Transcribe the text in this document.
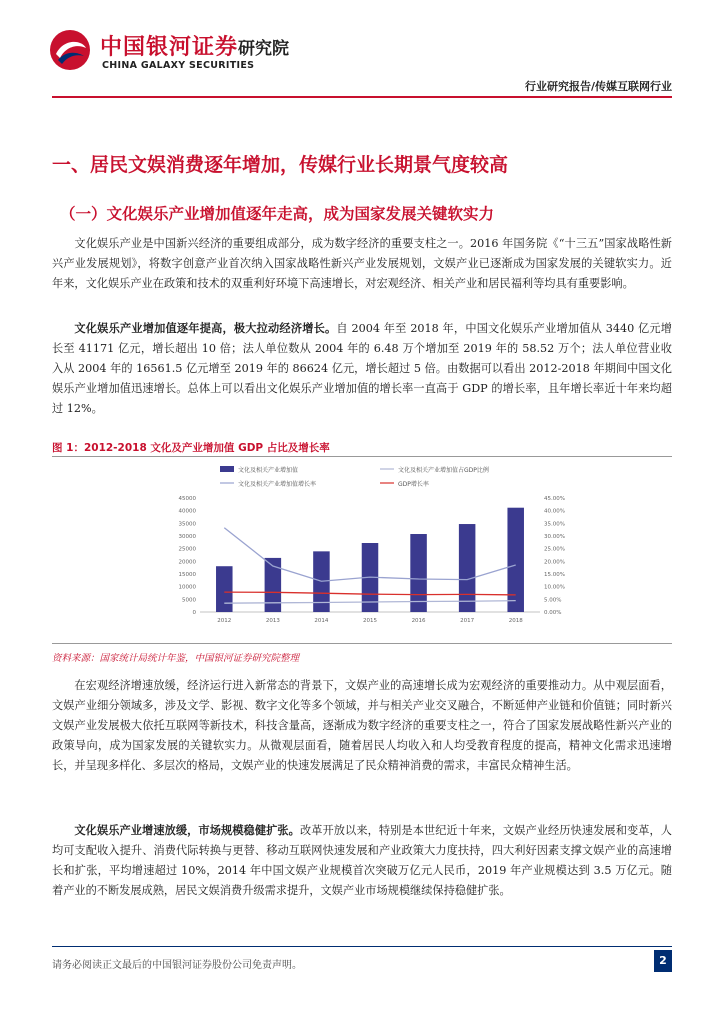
中国银河证券 研究院
CHINA GALAXY SECURITIES
行业研究报告/传媒互联网行业
一、居民文娱消费逐年增加，传媒行业长期景气度较高
（一）文化娱乐产业增加值逐年走高，成为国家发展关键软实力
文化娱乐产业是中国新兴经济的重要组成部分，成为数字经济的重要支柱之一。2016 年国务院《“十三五”国家战略性新兴产业发展规划》，将数字创意产业首次纳入国家战略性新兴产业发展规划，文娱产业已逐渐成为国家发展的关键软实力。近年来，文化娱乐产业在政策和技术的双重利好环境下高速增长，对宏观经济、相关产业和居民福利等均具有重要影响。
文化娱乐产业增加值逐年提高，极大拉动经济增长。自 2004 年至 2018 年，中国文化娱乐产业增加值从 3440 亿元增长至 41171 亿元，增长超出 10 倍；法人单位数从 2004 年的 6.48 万个增加至 2019 年的 58.52 万个；法人单位营业收入从 2004 年的 16561.5 亿元增至 2019 年的 86624 亿元，增长超过 5 倍。由数据可以看出 2012-2018 年期间中国文化娱乐产业增加值迅速增长。总体上可以看出文化娱乐产业增加值的增长率一直高于 GDP 的增长率，且年增长率近十年来均超过 12%。
图 1：2012-2018 文化及产业增加值 GDP 占比及增长率
文化及相关产业增加值	文化及相关产业增加值占GDP比例
文化及相关产业增加值增长率	GDP增长率
0
5000
10000
15000
20000
25000
30000
35000
40000
45000
0.00%
5.00%
10.00%
15.00%
20.00%
25.00%
30.00%
35.00%
40.00%
45.00%
2012	2013	2014	2015	2016	2017	2018
资料来源：国家统计局统计年鉴，中国银河证券研究院整理
在宏观经济增速放缓，经济运行进入新常态的背景下，文娱产业的高速增长成为宏观经济的重要推动力。从中观层面看，文娱产业细分领域多，涉及文学、影视、数字文化等多个领域，并与相关产业交叉融合，不断延伸产业链和价值链；同时新兴文娱产业发展极大依托互联网等新技术，科技含量高，逐渐成为数字经济的重要支柱之一，符合了国家发展战略性新兴产业的政策导向，成为国家发展的关键软实力。从微观层面看，随着居民人均收入和人均受教育程度的提高，精神文化需求迅速增长，并呈现多样化、多层次的格局，文娱产业的快速发展满足了民众精神消费的需求，丰富民众精神生活。
文化娱乐产业增速放缓，市场规模稳健扩张。改革开放以来，特别是本世纪近十年来，文娱产业经历快速发展和变革，人均可支配收入提升、消费代际转换与更替、移动互联网快速发展和产业政策大力度扶持，四大利好因素支撑文娱产业的高速增长和扩张，平均增速超过 10%，2014 年中国文娱产业规模首次突破万亿元人民币，2019 年产业规模达到 3.5 万亿元。随着产业的不断发展成熟，居民文娱消费升级需求提升，文娱产业市场规模继续保持稳健扩张。
请务必阅读正文最后的中国银河证券股份公司免责声明。	2
